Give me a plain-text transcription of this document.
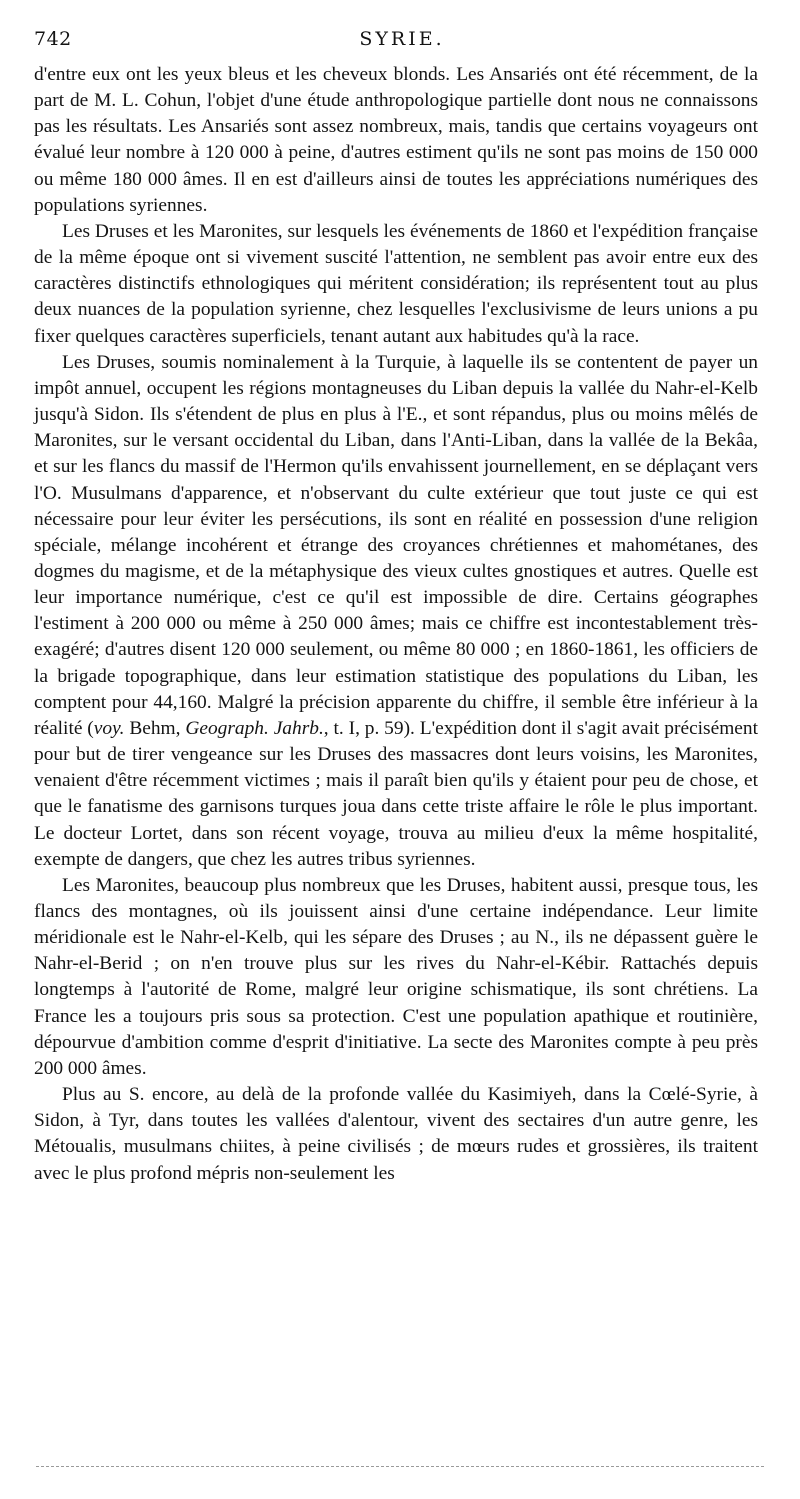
742	SYRIE.

d'entre eux ont les yeux bleus et les cheveux blonds. Les Ansariés ont été récemment, de la part de M. L. Cohun, l'objet d'une étude anthropologique partielle dont nous ne connaissons pas les résultats. Les Ansariés sont assez nombreux, mais, tandis que certains voyageurs ont évalué leur nombre à 120 000 à peine, d'autres estiment qu'ils ne sont pas moins de 150 000 ou même 180 000 âmes. Il en est d'ailleurs ainsi de toutes les appréciations numériques des populations syriennes.

Les Druses et les Maronites, sur lesquels les événements de 1860 et l'expédition française de la même époque ont si vivement suscité l'attention, ne semblent pas avoir entre eux des caractères distinctifs ethnologiques qui méritent considération; ils représentent tout au plus deux nuances de la population syrienne, chez lesquelles l'exclusivisme de leurs unions a pu fixer quelques caractères superficiels, tenant autant aux habitudes qu'à la race.

Les Druses, soumis nominalement à la Turquie, à laquelle ils se contentent de payer un impôt annuel, occupent les régions montagneuses du Liban depuis la vallée du Nahr-el-Kelb jusqu'à Sidon. Ils s'étendent de plus en plus à l'E., et sont répandus, plus ou moins mêlés de Maronites, sur le versant occidental du Liban, dans l'Anti-Liban, dans la vallée de la Bekâa, et sur les flancs du massif de l'Hermon qu'ils envahissent journellement, en se déplaçant vers l'O. Musulmans d'apparence, et n'observant du culte extérieur que tout juste ce qui est nécessaire pour leur éviter les persécutions, ils sont en réalité en possession d'une religion spéciale, mélange incohérent et étrange des croyances chrétiennes et mahométanes, des dogmes du magisme, et de la métaphysique des vieux cultes gnostiques et autres. Quelle est leur importance numérique, c'est ce qu'il est impossible de dire. Certains géographes l'estiment à 200 000 ou même à 250 000 âmes; mais ce chiffre est incontestablement très-exagéré; d'autres disent 120 000 seulement, ou même 80 000 ; en 1860-1861, les officiers de la brigade topographique, dans leur estimation statistique des populations du Liban, les comptent pour 44,160. Malgré la précision apparente du chiffre, il semble être inférieur à la réalité (voy. Behm, Geograph. Jahrb., t. I, p. 59). L'expédition dont il s'agit avait précisément pour but de tirer vengeance sur les Druses des massacres dont leurs voisins, les Maronites, venaient d'être récemment victimes ; mais il paraît bien qu'ils y étaient pour peu de chose, et que le fanatisme des garnisons turques joua dans cette triste affaire le rôle le plus important. Le docteur Lortet, dans son récent voyage, trouva au milieu d'eux la même hospitalité, exempte de dangers, que chez les autres tribus syriennes.

Les Maronites, beaucoup plus nombreux que les Druses, habitent aussi, presque tous, les flancs des montagnes, où ils jouissent ainsi d'une certaine indépendance. Leur limite méridionale est le Nahr-el-Kelb, qui les sépare des Druses ; au N., ils ne dépassent guère le Nahr-el-Berid ; on n'en trouve plus sur les rives du Nahr-el-Kébir. Rattachés depuis longtemps à l'autorité de Rome, malgré leur origine schismatique, ils sont chrétiens. La France les a toujours pris sous sa protection. C'est une population apathique et routinière, dépourvue d'ambition comme d'esprit d'initiative. La secte des Maronites compte à peu près 200 000 âmes.

Plus au S. encore, au delà de la profonde vallée du Kasimiyeh, dans la Cœlé-Syrie, à Sidon, à Tyr, dans toutes les vallées d'alentour, vivent des sectaires d'un autre genre, les Métoualis, musulmans chiites, à peine civilisés ; de mœurs rudes et grossières, ils traitent avec le plus profond mépris non-seulement les
